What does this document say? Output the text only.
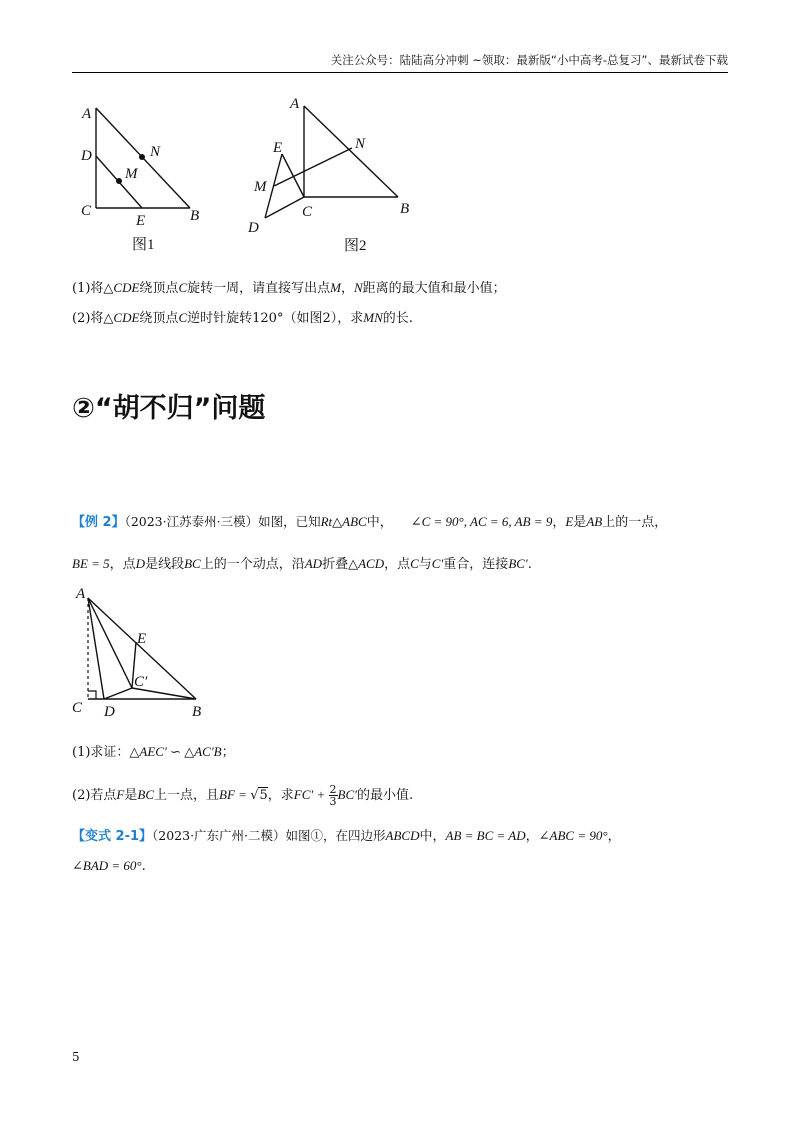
关注公众号：陆陆高分冲刺 ~领取：最新版“小中高考-总复习”、最新试卷下载
A
D	N
M
C
E	B
图1
A
E	N
M
C	B
D
图2
(1)将△CDE绕顶点C旋转一周，请直接写出点M，N距离的最大值和最小值；
(2)将△CDE绕顶点C逆时针旋转120°（如图2），求MN的长.
②“胡不归”问题
【例 2】（2023·江苏泰州·三模）如图，已知Rt△ABC中， ∠C = 90°, AC = 6, AB = 9，E是AB上的一点，
BE = 5，点D是线段BC上的一个动点，沿AD折叠△ACD，点C与C′重合，连接BC′.
A
E
C′
C D	B
(1)求证：△AEC′ ∽ △AC′B；
(2)若点F是BC上一点，且BF = √5，求$FC' + \frac{2}{3} BC'$的最小值.
【变式 2-1】（2023·广东广州·二模）如图①，在四边形ABCD中，AB = BC = AD，∠ABC = 90°，
∠BAD = 60°.
5
